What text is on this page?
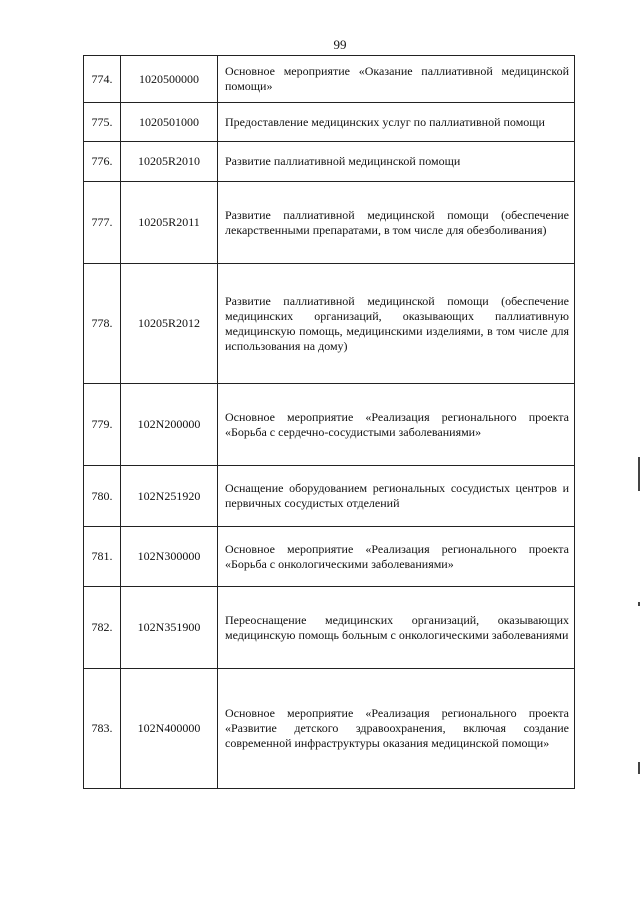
99
774.	1020500000	Основное мероприятие «Оказание паллиативной медицинской помощи»
775.	1020501000	Предоставление медицинских услуг по паллиативной помощи
776.	10205R2010	Развитие паллиативной медицинской помощи
777.	10205R2011	Развитие паллиативной медицинской помощи (обеспечение лекарственными препаратами, в том числе для обезболивания)
778.	10205R2012	Развитие паллиативной медицинской помощи (обеспечение медицинских организаций, оказывающих паллиативную медицинскую помощь, медицинскими изделиями, в том числе для использования на дому)
779.	102N200000	Основное мероприятие «Реализация регионального проекта «Борьба с сердечно-сосудистыми заболеваниями»
780.	102N251920	Оснащение оборудованием региональных сосудистых центров и первичных сосудистых отделений
781.	102N300000	Основное мероприятие «Реализация регионального проекта «Борьба с онкологическими заболеваниями»
782.	102N351900	Переоснащение медицинских организаций, оказывающих медицинскую помощь больным с онкологическими заболеваниями
783.	102N400000	Основное мероприятие «Реализация регионального проекта «Развитие детского здравоохранения, включая создание современной инфраструктуры оказания медицинской помощи»
